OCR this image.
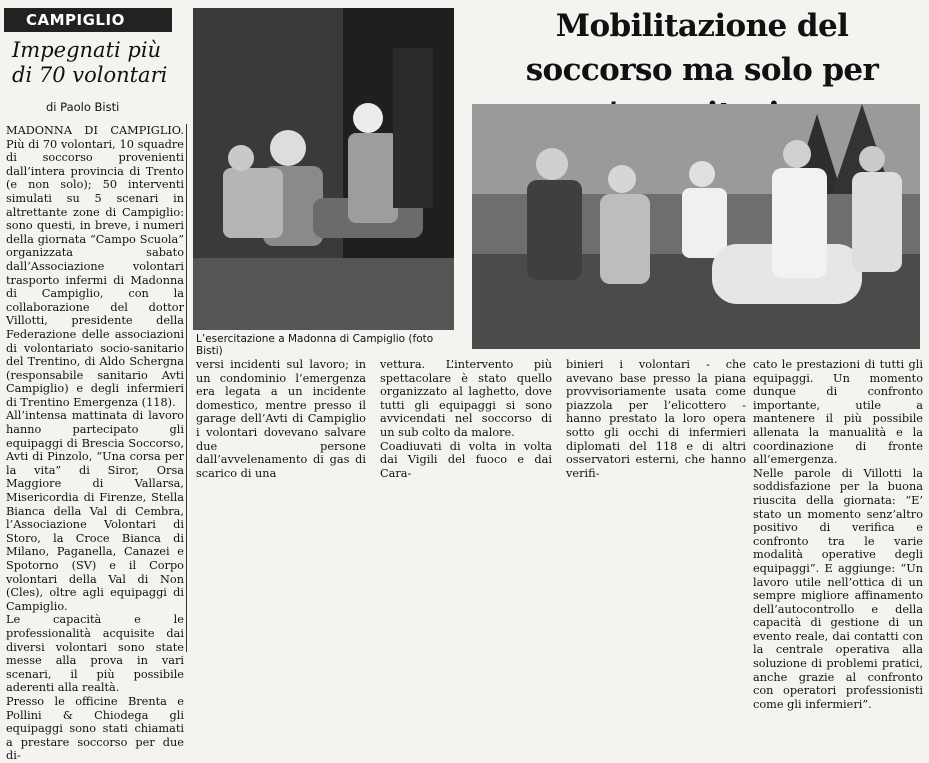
CAMPIGLIO
Impegnati più di 70 volontari
di Paolo Bisti
L’esercitazione a Madonna di Campiglio (foto Bisti)
Mobilitazione del soccorso ma solo per
MADONNA DI CAMPIGLIO. Più di 70 volontari, 10 squadre di soccorso provenienti dall’intera provincia di Trento (e non solo); 50 interventi simulati su 5 scenari in altrettante zone di Campiglio: sono questi, in breve, i numeri della giornata “Campo Scuola” organizzata sabato dall’Associazione volontari trasporto infermi di Madonna di Campiglio, con la collaborazione del dottor Villotti, presidente della Federazione delle associazioni di volontariato socio-sanitario del Trentino, di Aldo Schergna (responsabile sanitario Avti Campiglio) e degli infermieri di Trentino Emergenza (118).
All’intensa mattinata di lavoro hanno partecipato gli equipaggi di Brescia Soccorso, Avti di Pinzolo, “Una corsa per la vita” di Siror, Orsa Maggiore di Vallarsa, Misericordia di Firenze, Stella Bianca della Val di Cembra, l’Associazione Volontari di Storo, la Croce Bianca di Milano, Paganella, Canazei e Spotorno (SV) e il Corpo volontari della Val di Non (Cles), oltre agli equipaggi di Campiglio.
Le capacità e le professionalità acquisite dai diversi volontari sono state messe alla prova in vari scenari, il più possibile aderenti alla realtà.
Presso le officine Brenta e Pollini & Chiodega gli equipaggi sono stati chiamati a prestare soccorso per due di-
versi incidenti sul lavoro; in un condominio l’emergenza era legata a un incidente domestico, mentre presso il garage dell’Avti di Campiglio i volontari dovevano salvare due persone dall’avvelenamento di gas di scarico di una
vettura. L’intervento più spettacolare è stato quello organizzato al laghetto, dove tutti gli equipaggi si sono avvicendati nel soccorso di un sub colto da malore.
Coadiuvati di volta in volta dai Vigili del fuoco e dai Cara-
binieri i volontari - che avevano base presso la piana provvisoriamente usata come piazzola per l’elicottero - hanno prestato la loro opera sotto gli occhi di infermieri diplomati del 118 e di altri osservatori esterni, che hanno verifi-
cato le prestazioni di tutti gli equipaggi. Un momento dunque di confronto importante, utile a mantenere il più possibile allenata la manualità e la coordinazione di fronte all’emergenza.
Nelle parole di Villotti la soddisfazione per la buona riuscita della giornata: “E’ stato un momento senz’altro positivo di verifica e confronto tra le varie modalità operative degli equipaggi”. E aggiunge: “Un lavoro utile nell’ottica di un sempre migliore affinamento dell’autocontrollo e della capacità di gestione di un evento reale, dai contatti con la centrale operativa alla soluzione di problemi pratici, anche grazie al confronto con operatori professionisti come gli infermieri”.
